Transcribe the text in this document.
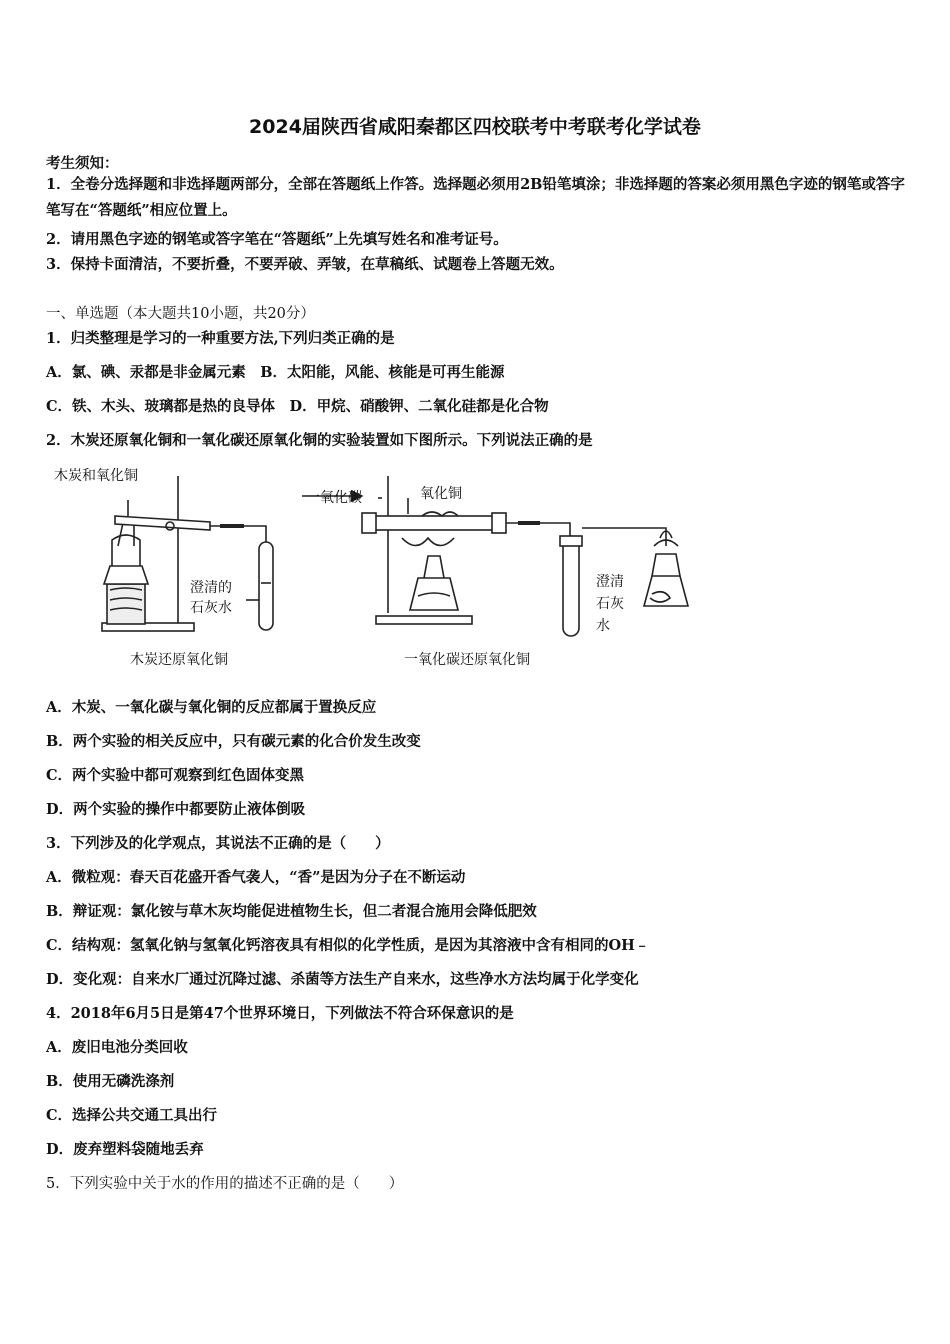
2024届陕西省咸阳秦都区四校联考中考联考化学试卷
考生须知：
1．全卷分选择题和非选择题两部分，全部在答题纸上作答。选择题必须用2B铅笔填涂；非选择题的答案必须用黑色字迹的钢笔或答字笔写在“答题纸”相应位置上。
2．请用黑色字迹的钢笔或答字笔在“答题纸”上先填写姓名和准考证号。
3．保持卡面清洁，不要折叠，不要弄破、弄皱，在草稿纸、试题卷上答题无效。
一、单选题（本大题共10小题，共20分）
1．归类整理是学习的一种重要方法,下列归类正确的是
A．氯、碘、汞都是非金属元素　B．太阳能，风能、核能是可再生能源
C．铁、木头、玻璃都是热的良导体　D．甲烷、硝酸钾、二氧化硅都是化合物
2．木炭还原氧化铜和一氧化碳还原氧化铜的实验装置如下图所示。下列说法正确的是
木炭和氧化铜
澄清的
石灰水
木炭还原氧化铜
一氧化碳	氧化铜
澄清
石灰
水
一氧化碳还原氧化铜
A．木炭、一氧化碳与氧化铜的反应都属于置换反应
B．两个实验的相关反应中，只有碳元素的化合价发生改变
C．两个实验中都可观察到红色固体变黑
D．两个实验的操作中都要防止液体倒吸
3．下列涉及的化学观点，其说法不正确的是（　　）
A．微粒观：春天百花盛开香气袭人，“香”是因为分子在不断运动
B．辩证观：氯化铵与草木灰均能促进植物生长，但二者混合施用会降低肥效
C．结构观：氢氧化钠与氢氧化钙溶夜具有相似的化学性质，是因为其溶液中含有相同的OH﹣
D．变化观：自来水厂通过沉降过滤、杀菌等方法生产自来水，这些净水方法均属于化学变化
4．2018年6月5日是第47个世界环境日，下列做法不符合环保意识的是
A．废旧电池分类回收
B．使用无磷洗涤剂
C．选择公共交通工具出行
D．废弃塑料袋随地丢弃
5．下列实验中关于水的作用的描述不正确的是（　　）
